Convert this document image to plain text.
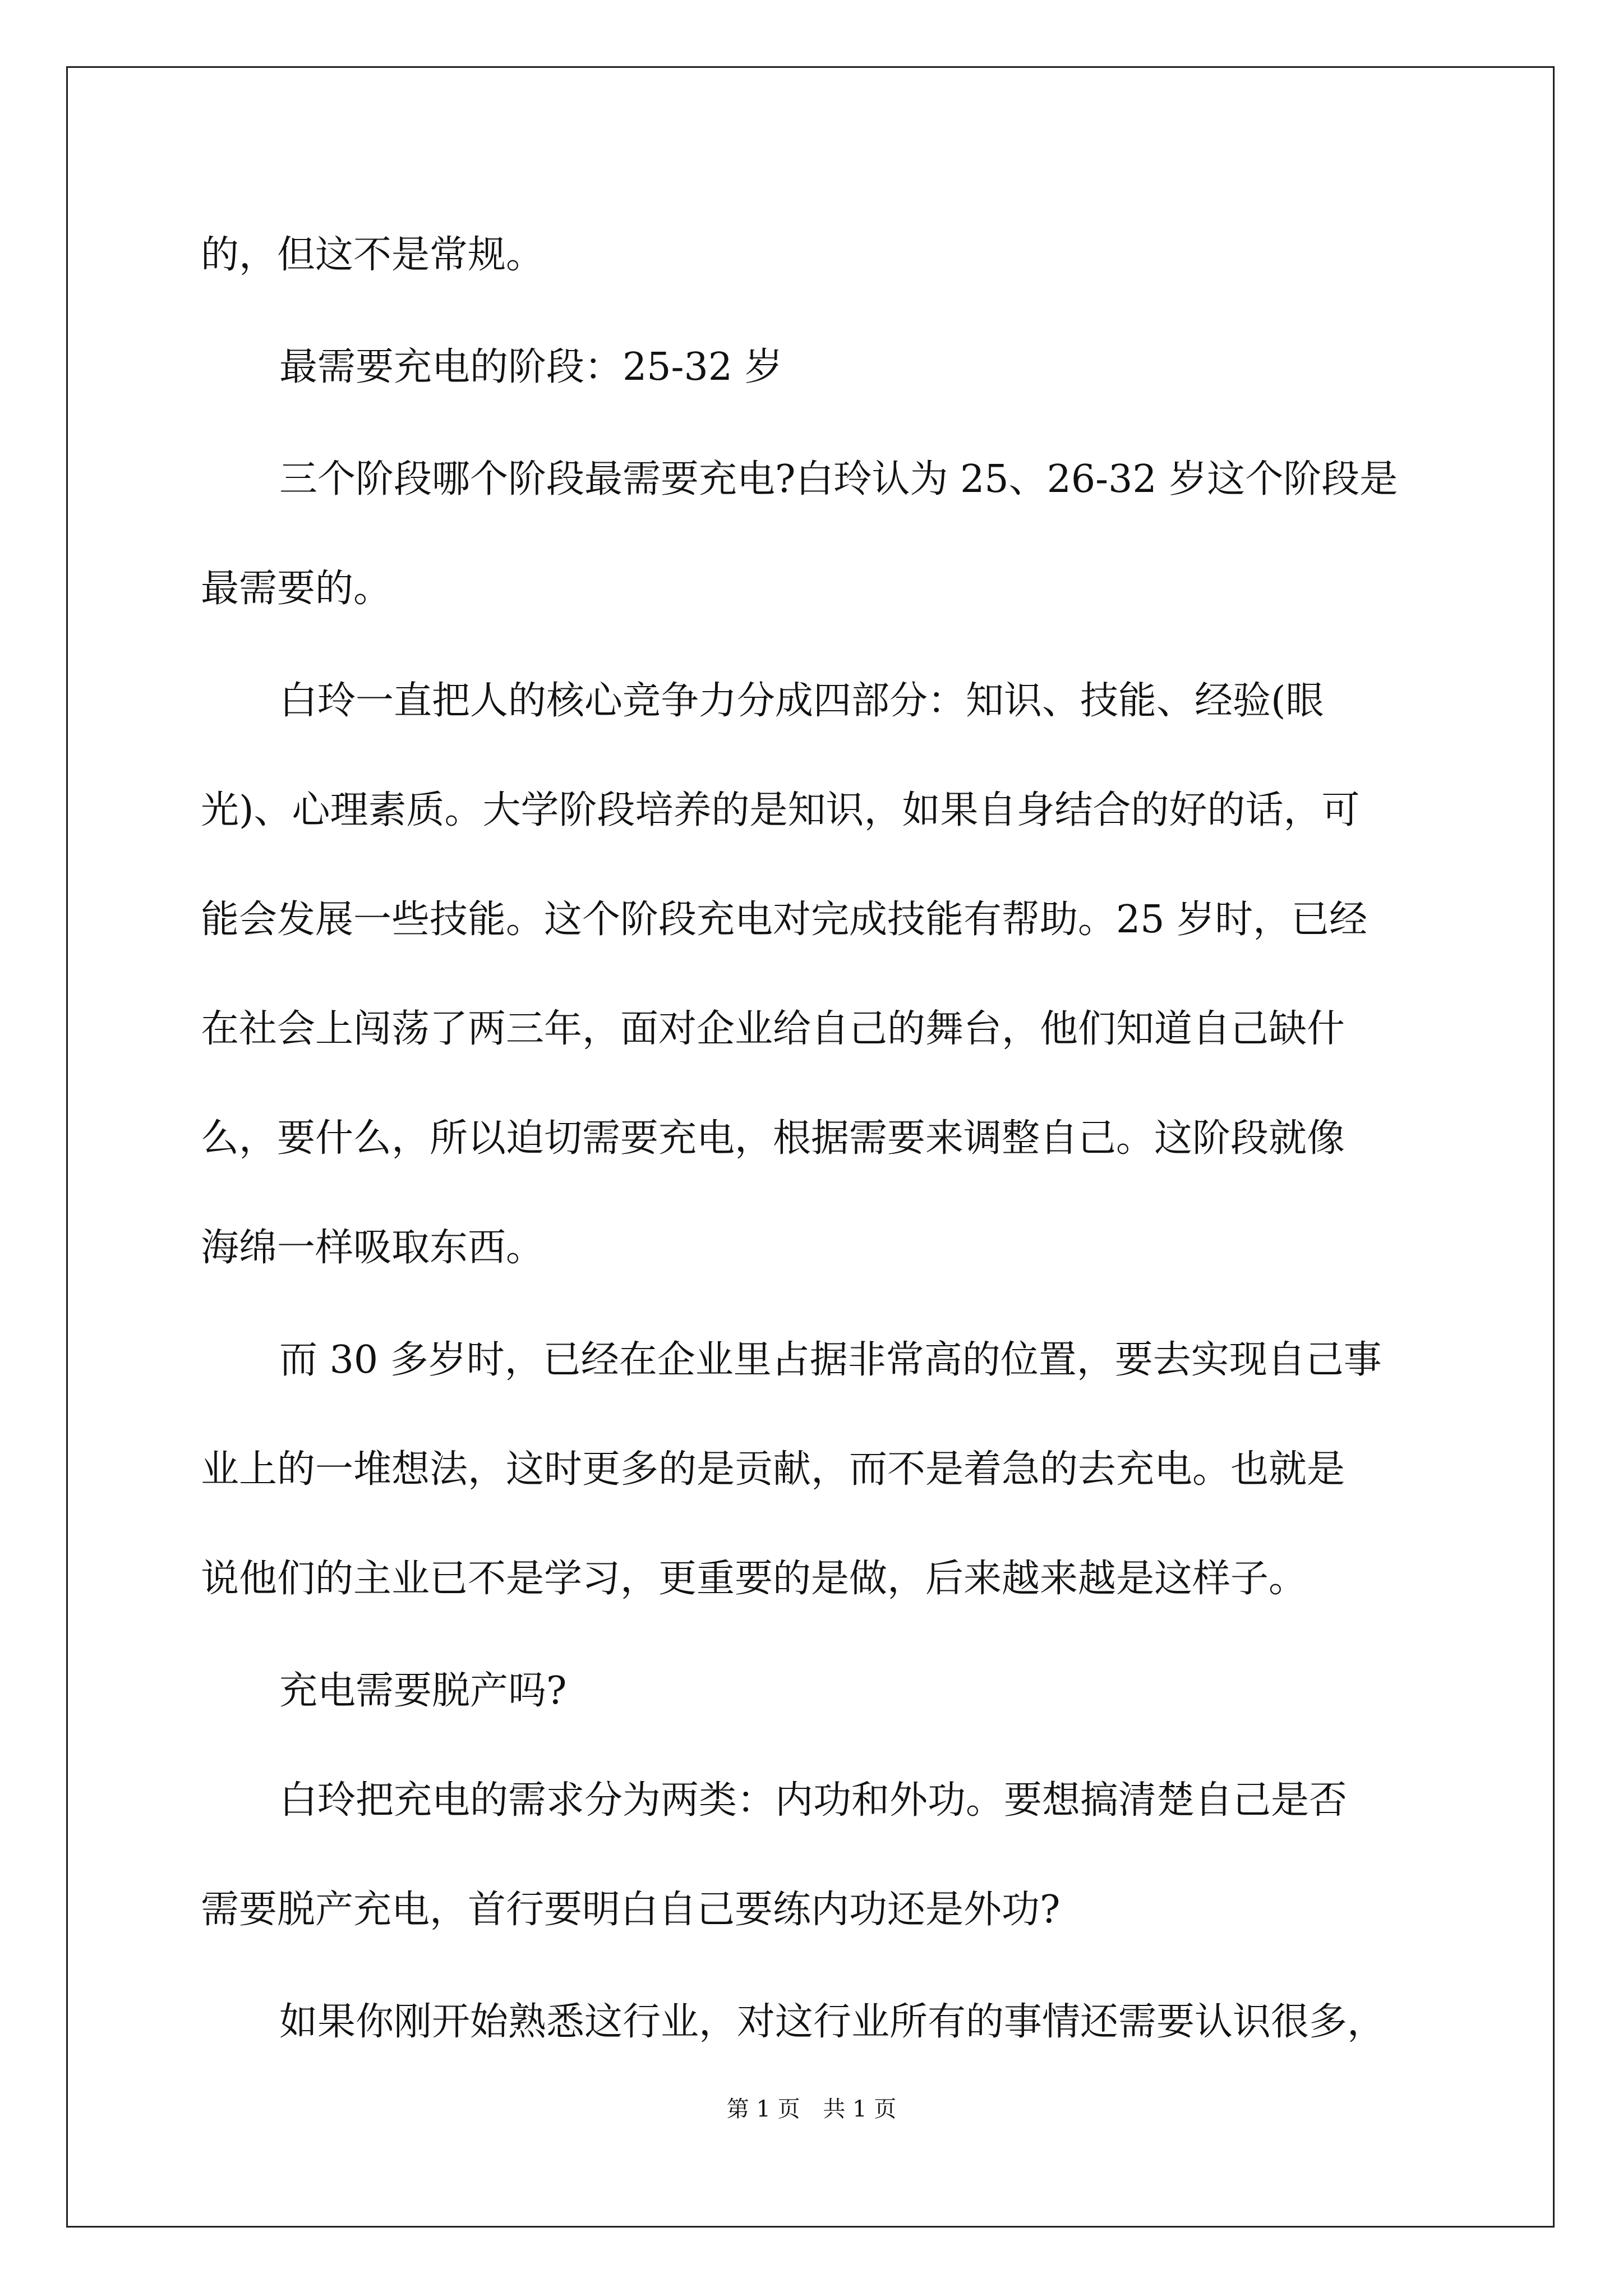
的，但这不是常规。
最需要充电的阶段：25-32 岁
三个阶段哪个阶段最需要充电?白玲认为 25、26-32 岁这个阶段是
最需要的。
白玲一直把人的核心竞争力分成四部分：知识、技能、经验(眼
光)、心理素质。大学阶段培养的是知识，如果自身结合的好的话，可
能会发展一些技能。这个阶段充电对完成技能有帮助。25 岁时，已经
在社会上闯荡了两三年，面对企业给自己的舞台，他们知道自己缺什
么，要什么，所以迫切需要充电，根据需要来调整自己。这阶段就像
海绵一样吸取东西。
而 30 多岁时，已经在企业里占据非常高的位置，要去实现自己事
业上的一堆想法，这时更多的是贡献，而不是着急的去充电。也就是
说他们的主业已不是学习，更重要的是做，后来越来越是这样子。
充电需要脱产吗?
白玲把充电的需求分为两类：内功和外功。要想搞清楚自己是否
需要脱产充电，首行要明白自己要练内功还是外功?
如果你刚开始熟悉这行业，对这行业所有的事情还需要认识很多，
第 1 页 共 1 页
